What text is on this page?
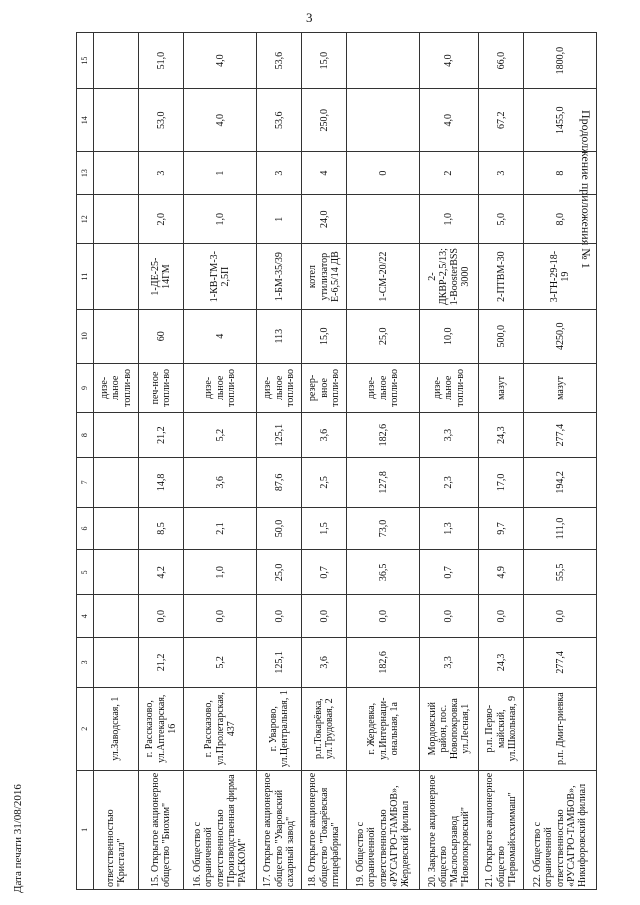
3
Продолжение приложения № 1
Дата печати 31/08/2016	1	2	3	4	5	6	7	8	9	10	11	12	13	14	15
ответственностью "Кристалл"	ул.Заводская, 1							дизе-льное топли-во						
15. Открытое акционерное общество "Биохим"	г. Рассказово, ул.Аптекарская, 16	21,2	0,0	4,2	8,5	14,8	21,2	печ-ное топли-во	60	1-ДЕ-25-14ГМ	2,0	3	53,0	51,0
16. Общество с ограниченной ответственностью "Производственная фирма "РАСКОМ"	г. Рассказово, ул.Пролетарская, 437	5,2	0,0	1,0	2,1	3,6	5,2	дизе-льное топли-во	4	1-КВ-ГМ-3-2,5П	1,0	1	4,0	4,0
17. Открытое акционерное общество "Уваровский сахарный завод"	г. Уварово, ул.Центральная, 1	125,1	0,0	25,0	50,0	87,6	125,1	дизе-льное топли-во	113	1-БМ-35/39	1	3	53,6	53,6
18. Открытое акционерное общество "Токарёвская птицефабрика"	р.п.Токарёвка, ул.Трудовая, 2	3,6	0,0	0,7	1,5	2,5	3,6	резер-вное топли-во	15,0	котел утилизатор Е-6,5/14 ДВ	24,0	4	250,0	15,0
19. Общество с ограниченной ответственностью «РУСАГРО-ТАМБОВ», Жердевский филиал	г. Жердевка, ул.Интернаци-ональная, 1а	182,6	0,0	36,5	73,0	127,8	182,6	дизе-льное топли-во	25,0	1-СМ-20/22		0		
20. Закрытое акционерное общество "Маслосырзавод "Новопокровский"	Мордовский район, пос. Новопокровка ул.Лесная,1	3,3	0,0	0,7	1,3	2,3	3,3	дизе-льное топли-во	10,0	2-ДКВР-2,5/13; 1-BoosterBSS 3000	1,0	2	4,0	4,0
21. Открытое акционерное общество "Первомайскхиммаш"	р.п. Перво-майский, ул.Школьная, 9	24,3	0,0	4,9	9,7	17,0	24,3	мазут	500,0	2-ПТВМ-30	5,0	3	67,2	66,0
22. Общество с ограниченной ответственностью «РУСАГРО-ТАМБОВ», Никифоровский филиал	р.п. Дмит-риевка	277,4	0,0	55,5	111,0	194,2	277,4	мазут	4250,0	3-ГН-29-18-19	8,0	8	1455,0	1800,0
